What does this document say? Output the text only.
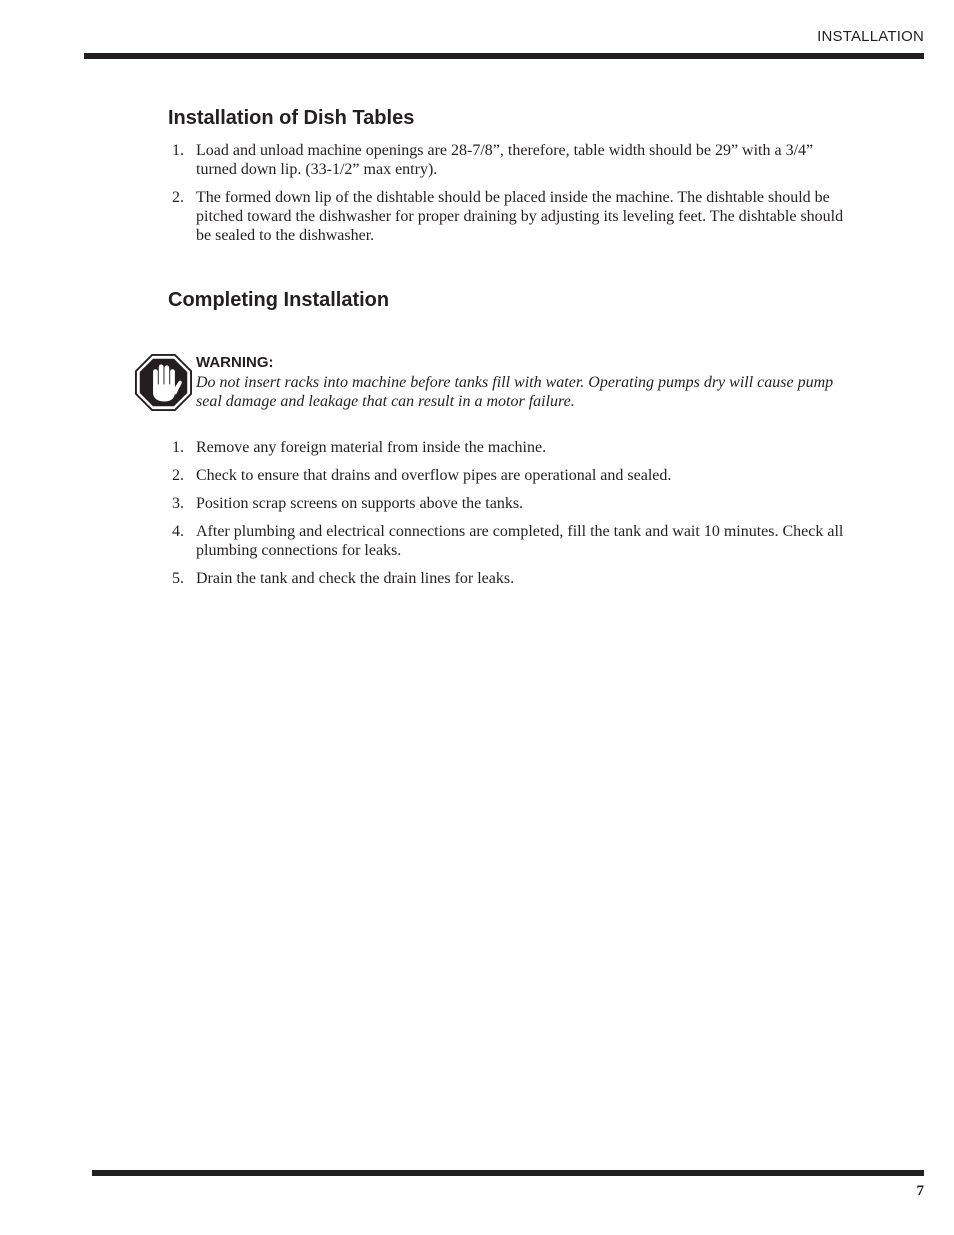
INSTALLATION
Installation of Dish Tables
1. Load and unload machine openings are 28-7/8”, therefore, table width should be 29” with a 3/4” turned down lip. (33-1/2” max entry).
2. The formed down lip of the dishtable should be placed inside the machine. The dishtable should be pitched toward the dishwasher for proper draining by adjusting its leveling feet. The dishtable should be sealed to the dishwasher.
Completing Installation
WARNING:
Do not insert racks into machine before tanks fill with water. Operating pumps dry will cause pump seal damage and leakage that can result in a motor failure.
1. Remove any foreign material from inside the machine.
2. Check to ensure that drains and overflow pipes are operational and sealed.
3. Position scrap screens on supports above the tanks.
4. After plumbing and electrical connections are completed, fill the tank and wait 10 minutes. Check all plumbing connections for leaks.
5. Drain the tank and check the drain lines for leaks.
7
